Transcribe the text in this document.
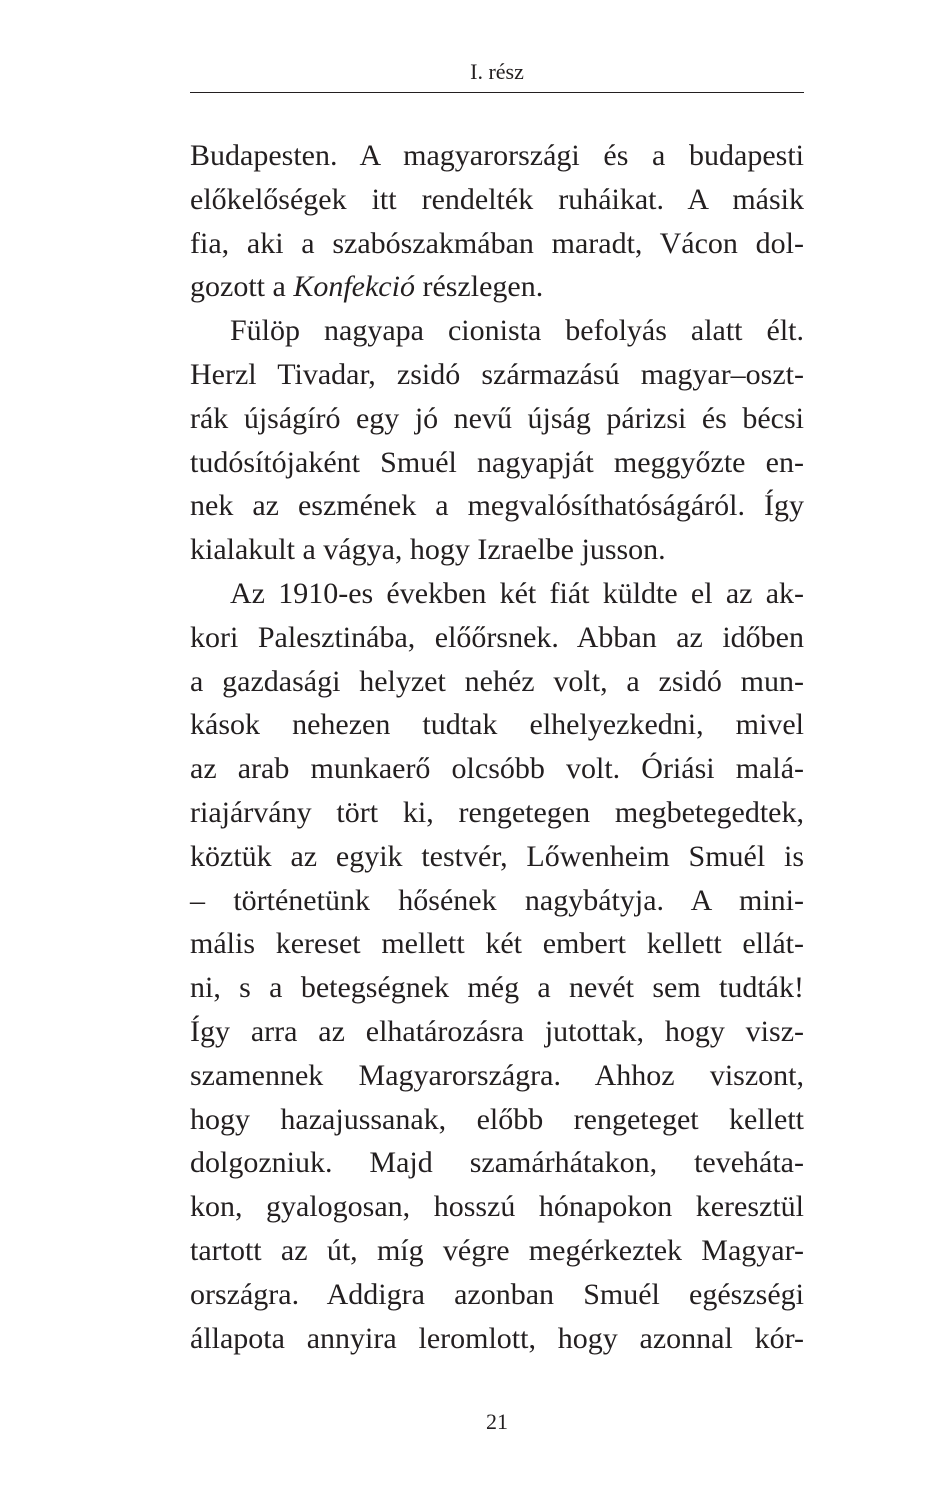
I. rész
Budapesten. A magyarországi és a budapesti
előkelőségek itt rendelték ruháikat. A másik
fia, aki a szabószakmában maradt, Vácon dol-
gozott a Konfekció részlegen.
Fülöp nagyapa cionista befolyás alatt élt.
Herzl Tivadar, zsidó származású magyar–oszt-
rák újságíró egy jó nevű újság párizsi és bécsi
tudósítójaként Smuél nagyapját meggyőzte en-
nek az eszmének a megvalósíthatóságáról. Így
kialakult a vágya, hogy Izraelbe jusson.
Az 1910-es években két fiát küldte el az ak-
kori Palesztinába, előőrsnek. Abban az időben
a gazdasági helyzet nehéz volt, a zsidó mun-
kások nehezen tudtak elhelyezkedni, mivel
az arab munkaerő olcsóbb volt. Óriási malá-
riajárvány tört ki, rengetegen megbetegedtek,
köztük az egyik testvér, Lőwenheim Smuél is
– történetünk hősének nagybátyja. A mini-
mális kereset mellett két embert kellett ellát-
ni, s a betegségnek még a nevét sem tudták!
Így arra az elhatározásra jutottak, hogy visz-
szamennek Magyarországra. Ahhoz viszont,
hogy hazajussanak, előbb rengeteget kellett
dolgozniuk. Majd szamárhátakon, teveháta-
kon, gyalogosan, hosszú hónapokon keresztül
tartott az út, míg végre megérkeztek Magyar-
országra. Addigra azonban Smuél egészségi
állapota annyira leromlott, hogy azonnal kór-
21
